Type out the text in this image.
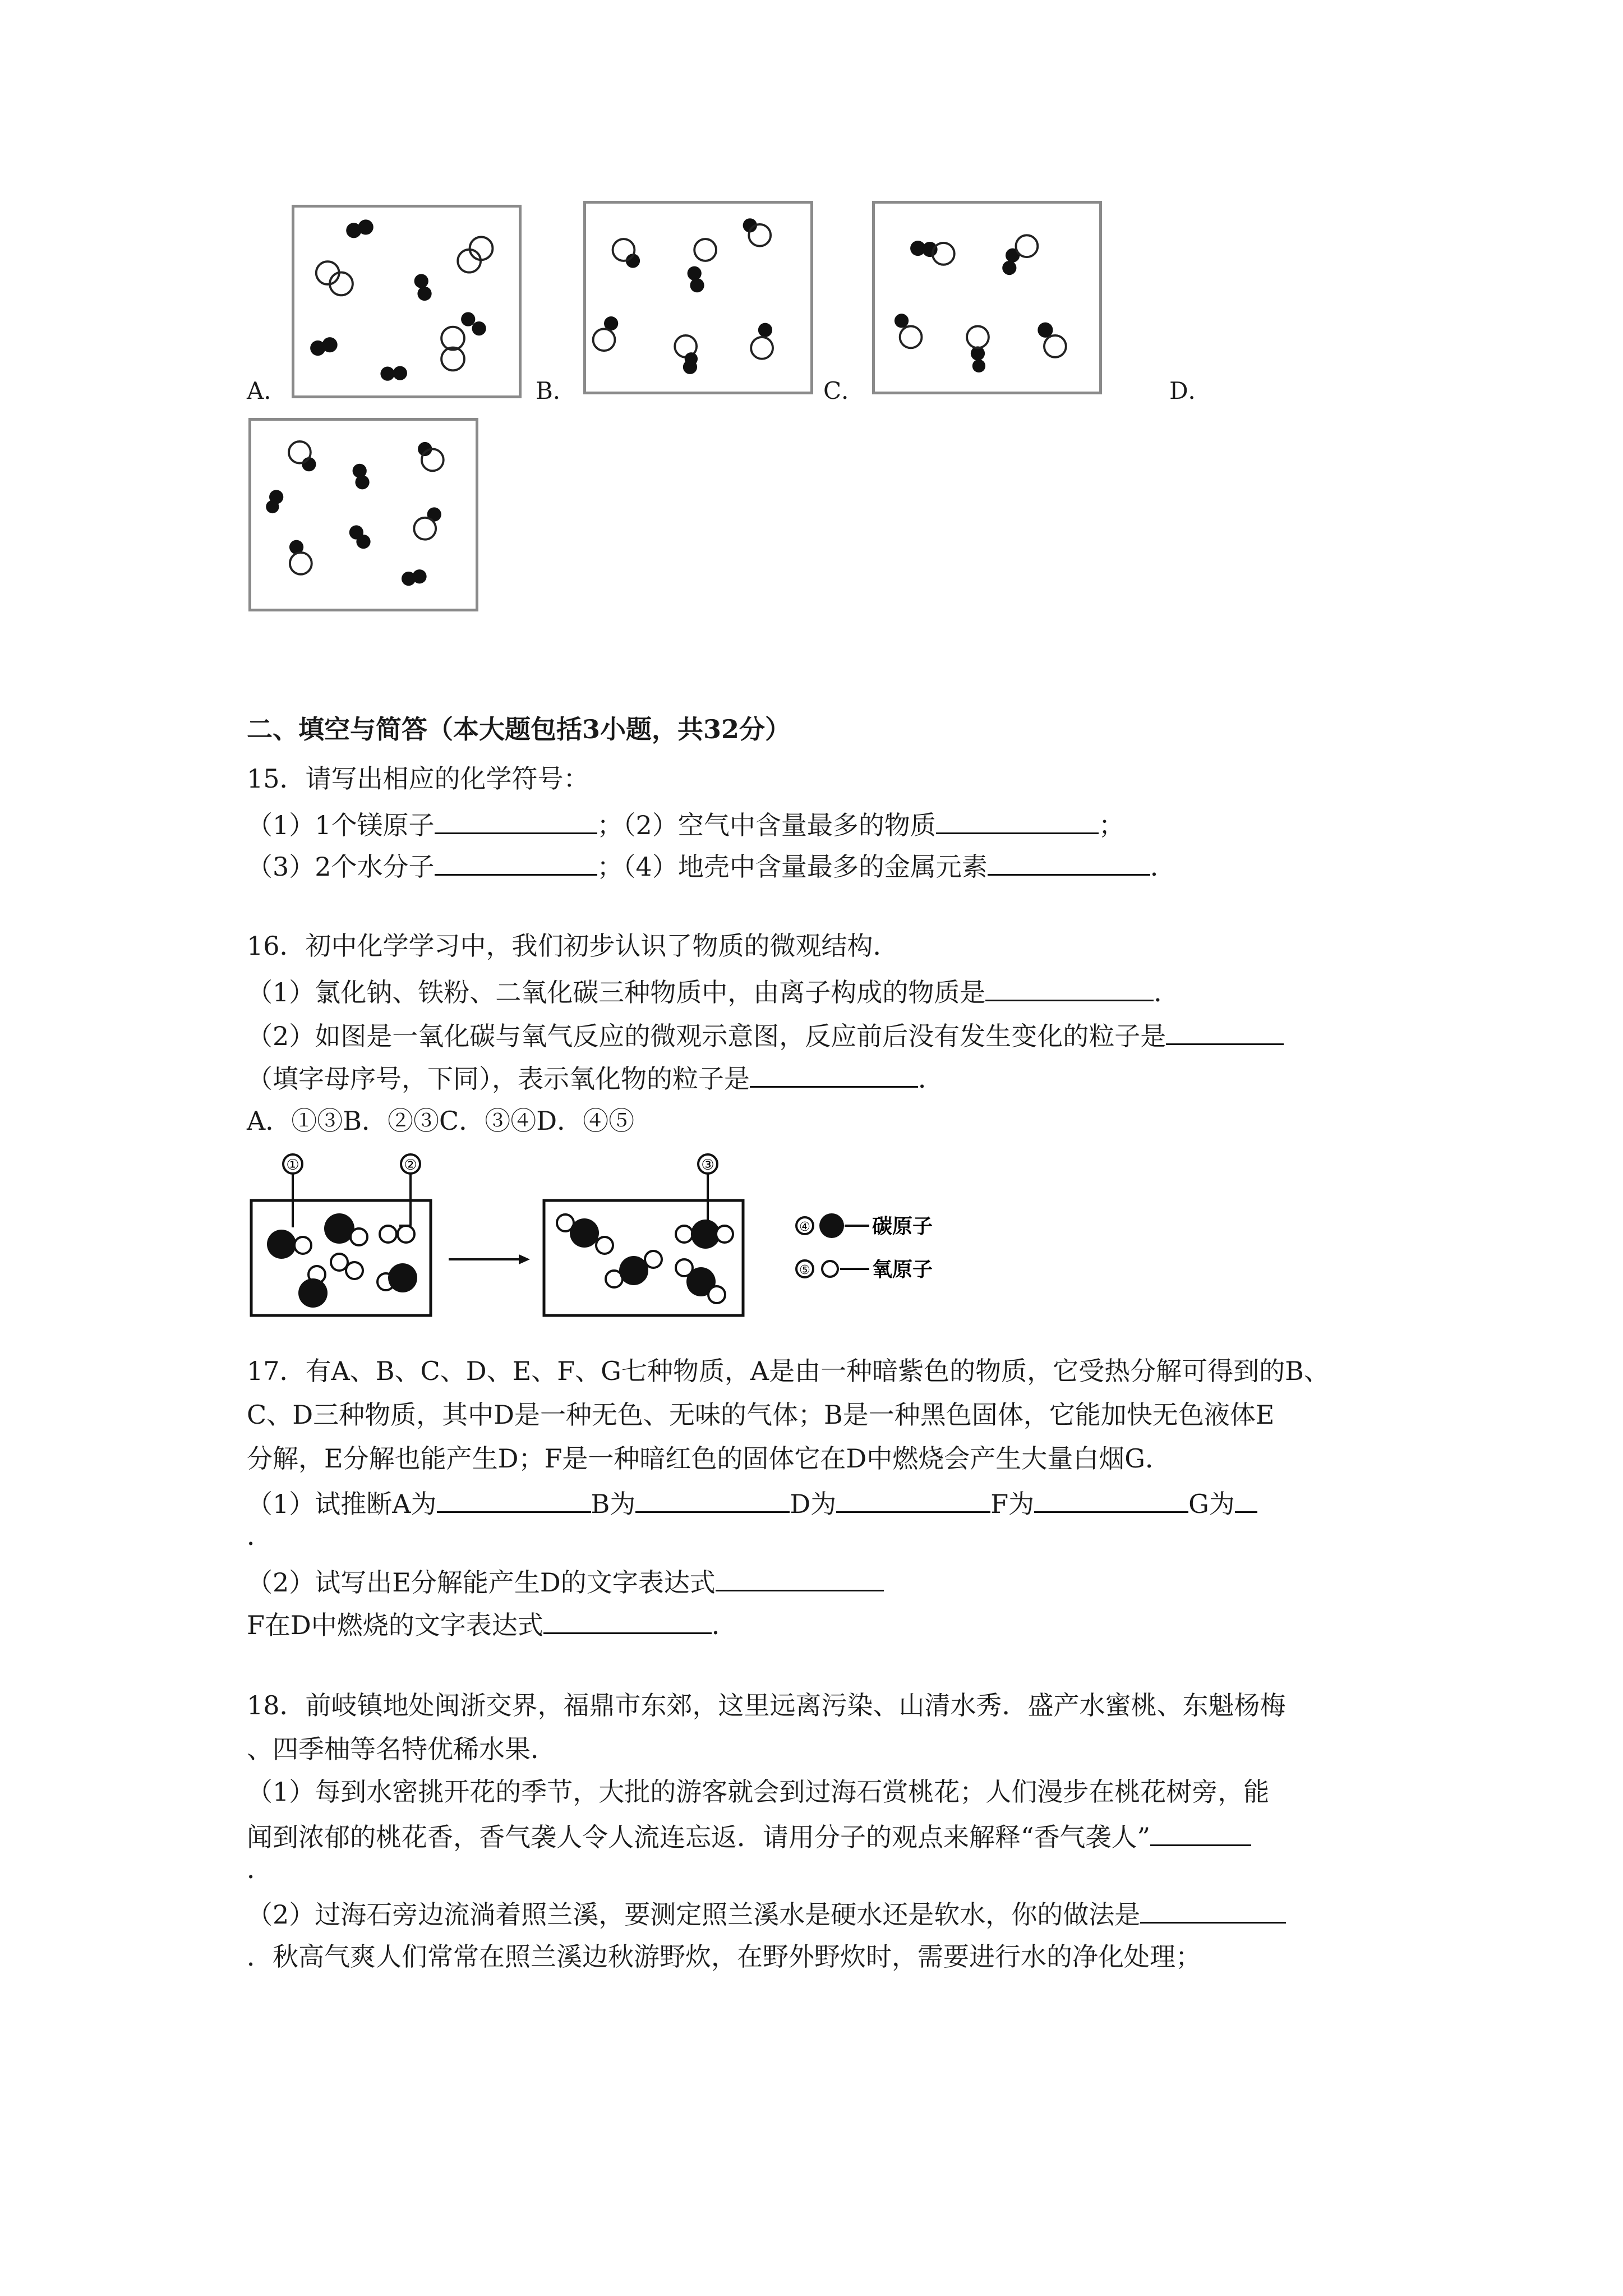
A．	B．	C．	D．
二、填空与简答（本大题包括3小题，共32分）
15．请写出相应的化学符号：
（1）1个镁原子	；（2）空气中含量最多的物质	；
（3）2个水分子	；（4）地壳中含量最多的金属元素	．
16．初中化学学习中，我们初步认识了物质的微观结构．
（1）氯化钠、铁粉、二氧化碳三种物质中，由离子构成的物质是	．
（2）如图是一氧化碳与氧气反应的微观示意图，反应前后没有发生变化的粒子是
（填字母序号，下同），表示氧化物的粒子是	．
A．①③B．②③C．③④D．④⑤
①	②	③
④	碳原子
⑤	氧原子
17．有A、B、C、D、E、F、G七种物质，A是由一种暗紫色的物质，它受热分解可得到的B、
C、D三种物质，其中D是一种无色、无味的气体；B是一种黑色固体，它能加快无色液体E
分解，E分解也能产生D；F是一种暗红色的固体它在D中燃烧会产生大量白烟G．
（1）试推断A为	B为	D为	F为	G为
．
（2）试写出E分解能产生D的文字表达式
F在D中燃烧的文字表达式	．
18．前岐镇地处闽浙交界，福鼎市东郊，这里远离污染、山清水秀．盛产水蜜桃、东魁杨梅
、四季柚等名特优稀水果．
（1）每到水密挑开花的季节，大批的游客就会到过海石赏桃花；人们漫步在桃花树旁，能
闻到浓郁的桃花香，香气袭人令人流连忘返．请用分子的观点来解释“香气袭人”
．
（2）过海石旁边流淌着照兰溪，要测定照兰溪水是硬水还是软水，你的做法是
．秋高气爽人们常常在照兰溪边秋游野炊，在野外野炊时，需要进行水的净化处理；
